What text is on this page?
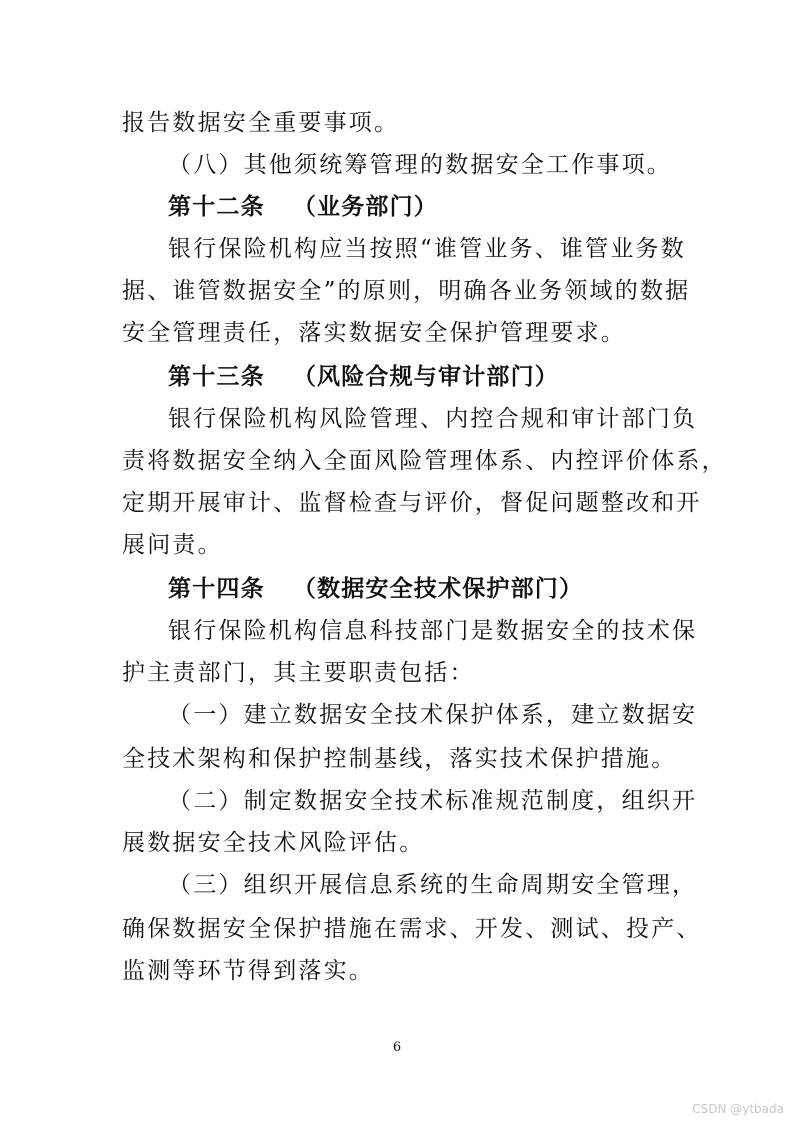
报告数据安全重要事项。
（八）其他须统筹管理的数据安全工作事项。
第十二条 （业务部门）
银行保险机构应当按照“谁管业务、谁管业务数
据、谁管数据安全”的原则，明确各业务领域的数据
安全管理责任，落实数据安全保护管理要求。
第十三条 （风险合规与审计部门）
银行保险机构风险管理、内控合规和审计部门负
责将数据安全纳入全面风险管理体系、内控评价体系，
定期开展审计、监督检查与评价，督促问题整改和开
展问责。
第十四条 （数据安全技术保护部门）
银行保险机构信息科技部门是数据安全的技术保
护主责部门，其主要职责包括：
（一）建立数据安全技术保护体系，建立数据安
全技术架构和保护控制基线，落实技术保护措施。
（二）制定数据安全技术标准规范制度，组织开
展数据安全技术风险评估。
（三）组织开展信息系统的生命周期安全管理，
确保数据安全保护措施在需求、开发、测试、投产、
监测等环节得到落实。
6
CSDN @ytbada
